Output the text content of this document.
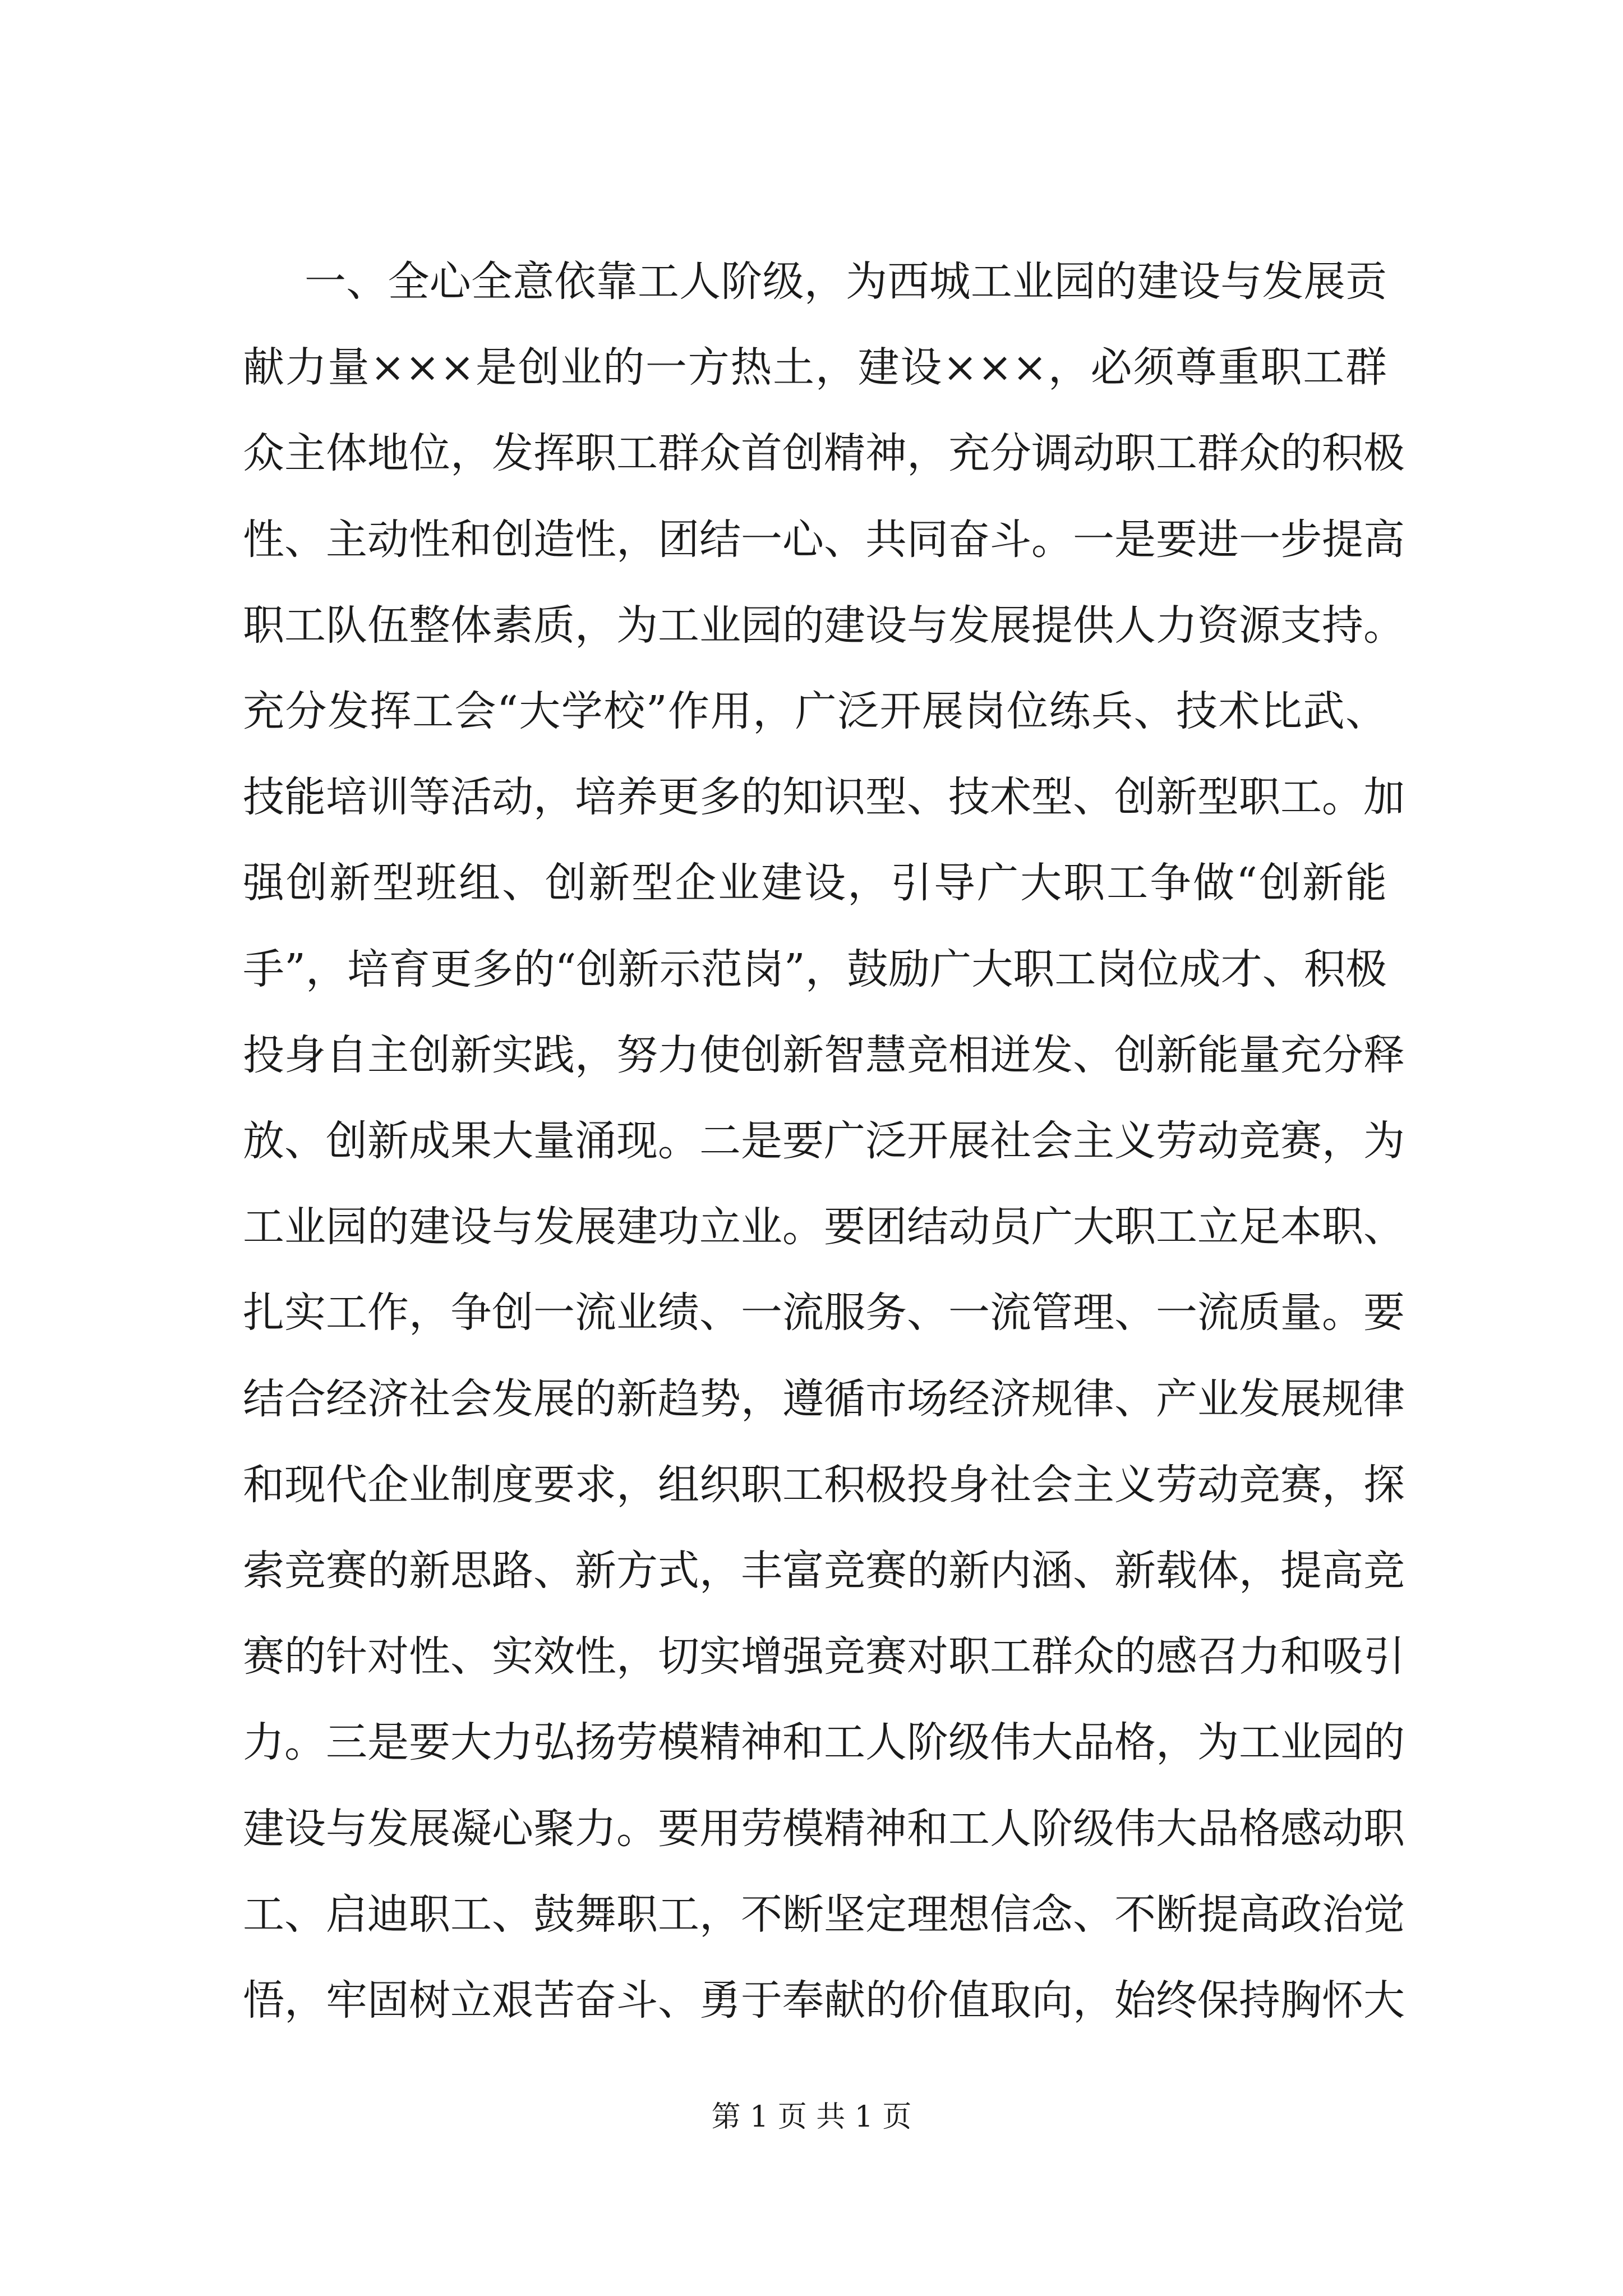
一、全心全意依靠工人阶级，为西城工业园的建设与发展贡
献力量×××是创业的一方热土，建设×××，必须尊重职工群
众主体地位，发挥职工群众首创精神，充分调动职工群众的积极
性、主动性和创造性，团结一心、共同奋斗。一是要进一步提高
职工队伍整体素质，为工业园的建设与发展提供人力资源支持。
充分发挥工会“大学校”作用，广泛开展岗位练兵、技术比武、
技能培训等活动，培养更多的知识型、技术型、创新型职工。加
强创新型班组、创新型企业建设，引导广大职工争做“创新能
手”，培育更多的“创新示范岗”，鼓励广大职工岗位成才、积极
投身自主创新实践，努力使创新智慧竞相迸发、创新能量充分释
放、创新成果大量涌现。二是要广泛开展社会主义劳动竞赛，为
工业园的建设与发展建功立业。要团结动员广大职工立足本职、
扎实工作，争创一流业绩、一流服务、一流管理、一流质量。要
结合经济社会发展的新趋势，遵循市场经济规律、产业发展规律
和现代企业制度要求，组织职工积极投身社会主义劳动竞赛，探
索竞赛的新思路、新方式，丰富竞赛的新内涵、新载体，提高竞
赛的针对性、实效性，切实增强竞赛对职工群众的感召力和吸引
力。三是要大力弘扬劳模精神和工人阶级伟大品格，为工业园的
建设与发展凝心聚力。要用劳模精神和工人阶级伟大品格感动职
工、启迪职工、鼓舞职工，不断坚定理想信念、不断提高政治觉
悟，牢固树立艰苦奋斗、勇于奉献的价值取向，始终保持胸怀大
第 1 页 共 1 页
